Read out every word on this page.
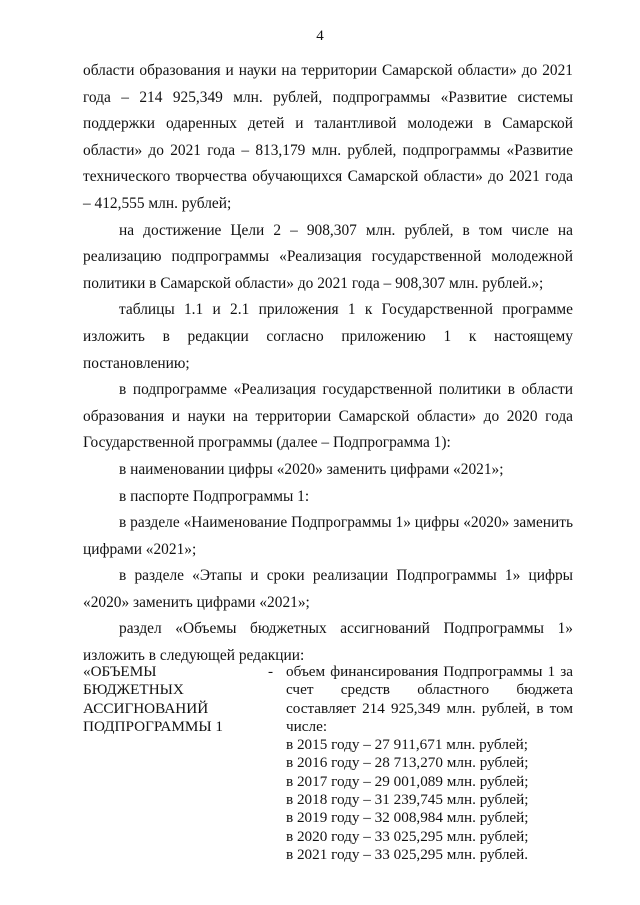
4

области образования и науки на территории Самарской области» до 2021 года – 214 925,349 млн. рублей, подпрограммы «Развитие системы поддержки одаренных детей и талантливой молодежи в Самарской области» до 2021 года – 813,179 млн. рублей, подпрограммы «Развитие технического творчества обучающихся Самарской области» до 2021 года – 412,555 млн. рублей;

на достижение Цели 2 – 908,307 млн. рублей, в том числе на реализацию подпрограммы «Реализация государственной молодежной политики в Самарской области» до 2021 года – 908,307 млн. рублей.»;

таблицы 1.1 и 2.1 приложения 1 к Государственной программе изложить в редакции согласно приложению 1 к настоящему постановлению;

в подпрограмме «Реализация государственной политики в области образования и науки на территории Самарской области» до 2020 года Государственной программы (далее – Подпрограмма 1):

в наименовании цифры «2020» заменить цифрами «2021»;

в паспорте Подпрограммы 1:

в разделе «Наименование Подпрограммы 1» цифры «2020» заменить цифрами «2021»;

в разделе «Этапы и сроки реализации Подпрограммы 1» цифры «2020» заменить цифрами «2021»;

раздел «Объемы бюджетных ассигнований Подпрограммы 1» изложить в следующей редакции:

«ОБЪЕМЫ
БЮДЖЕТНЫХ
АССИГНОВАНИЙ
ПОДПРОГРАММЫ 1
- объем финансирования Подпрограммы 1 за счет средств областного бюджета составляет 214 925,349 млн. рублей, в том числе:

в 2015 году – 27 911,671 млн. рублей;
в 2016 году – 28 713,270 млн. рублей;
в 2017 году – 29 001,089 млн. рублей;
в 2018 году – 31 239,745 млн. рублей;
в 2019 году – 32 008,984 млн. рублей;
в 2020 году – 33 025,295 млн. рублей;
в 2021 году – 33 025,295 млн. рублей.
